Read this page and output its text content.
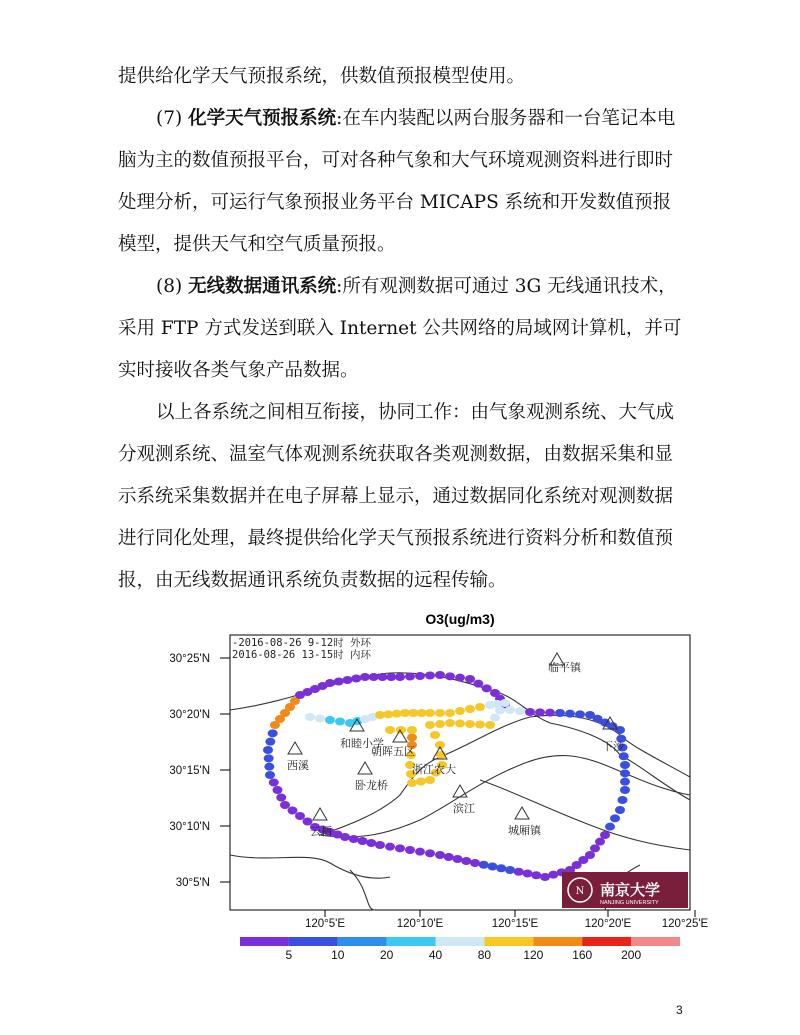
提供给化学天气预报系统，供数值预报模型使用。
(7) 化学天气预报系统:在车内装配以两台服务器和一台笔记本电脑为主的数值预报平台，可对各种气象和大气环境观测资料进行即时处理分析，可运行气象预报业务平台 MICAPS 系统和开发数值预报模型，提供天气和空气质量预报。
(8) 无线数据通讯系统:所有观测数据可通过 3G 无线通讯技术，采用 FTP 方式发送到联入 Internet 公共网络的局域网计算机，并可实时接收各类气象产品数据。
以上各系统之间相互衔接，协同工作：由气象观测系统、大气成分观测系统、温室气体观测系统获取各类观测数据，由数据采集和显示系统采集数据并在电子屏幕上显示，通过数据同化系统对观测数据进行同化处理，最终提供给化学天气预报系统进行资料分析和数值预报，由无线数据通讯系统负责数据的远程传输。
O3(ug/m3)
临平镇
和睦小学
朝晖五区	下沙
西溪	浙江农大
卧龙桥
滨江
城厢镇
云栖
-2016-08-26 9-12时 外环
2016-08-26 13-15时 内环
30°25'N
30°20'N
30°15'N
30°10'N
30°5'N
120°5'E	120°10'E	120°15'E	120°20'E	120°25'E
N 南京大学
NANJING UNIVERSITY
5	10	20	40	80	120 160 200
3
